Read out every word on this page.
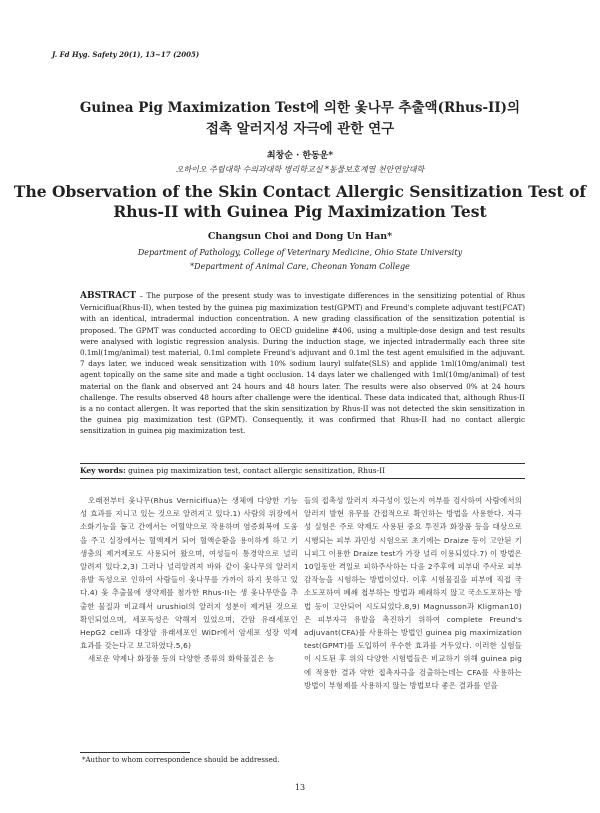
J. Fd Hyg. Safety 20(1), 13~17 (2005)
Guinea Pig Maximization Test에 의한 옻나무 추출액(Rhus-II)의
접촉 알러지성 자극에 관한 연구
최창순 · 한동운*
오하이오 주립대학 수의과대학 병리학교실 *동물보호계열 천안연암대학
The Observation of the Skin Contact Allergic Sensitization Test of
Rhus-II with Guinea Pig Maximization Test
Changsun Choi and Dong Un Han*
Department of Pathology, College of Veterinary Medicine, Ohio State University
*Department of Animal Care, Cheonan Yonam College
ABSTRACT – The purpose of the present study was to investigate differences in the sensitizing potential of Rhus Verniciflua(Rhus-II), when tested by the guinea pig maximization test(GPMT) and Freund's complete adjuvant test(FCAT) with an identical, intradermal induction concentration. A new grading classification of the sensitization potential is proposed. The GPMT was conducted according to OECD guideline #406, using a multiple-dose design and test results were analysed with logistic regression analysis. During the induction stage, we injected intradermally each three site 0.1ml(1mg/animal) test material, 0.1ml complete Freund's adjuvant and 0.1ml the test agent emulsified in the adjuvant. 7 days later, we induced weak sensitization with 10% sodium lauryl sulfate(SLS) and applide 1ml(10mg/animal) test agent topically on the same site and made a tight occlusion. 14 days later we challenged with 1ml(10mg/animal) of test material on the flank and observed ant 24 hours and 48 hours later. The results were also observed 0% at 24 hours challenge. The results observed 48 hours after challenge were the identical. These data indicated that, although Rhus-II is a no contact allergen. It was reported that the skin sensitization by Rhus-II was not detected the skin sensitization in the guinea pig maximization test (GPMT). Consequently, it was confirmed that Rhus-II had no contact allergic sensitization in guinea pig maximization test.
Key words: guinea pig maximization test, contact allergic sensitization, Rhus-II

오래전부터 옻나무(Rhus Verniciflua)는 생체에 다양한 기능성 효과를 지니고 있는 것으로 알려져고 있다.1) 사람의 위장에서 소화기능을 돕고 간에서는 어혈약으로 작용하며 염증회복에 도움을 주고 실장에서는 혈액제거 되어 혈액순환을 용이하게 하고 기생충의 제거제로도 사용되어 왔으며, 여성들이 통경약으로 널리 알려져 있다.2,3) 그러나 널리알려져 바와 같이 옻나무의 알러지 유발 독성으로 인하여 사람들이 옻나무를 가까이 하지 못하고 있다.4) 옻 추출물에 생약제를 첨가한 Rhus-II는 생 옻나무만을 추출한 물질과 비교해서 urushiol의 알러지 성분이 제거된 것으로 확인되었으며, 세포독성은 약해져 있었으며, 간암 유래세포인 HepG2 cell과 대장암 유래세포인 WiDr에서 암세포 성장 억제 효과를 갖는다고 보고하였다.5,6)

새로운 약제나 화장품 등의 다양한 종류의 화학물질은 농

들의 접촉성 알러지 자극성이 있는지 여부를 검사하여 사람에서의 알러지 발현 유무를 간접적으로 확인하는 방법을 사용한다. 자극성 실험은 주로 약제도 사용된 중요 투진과 화장품 등을 대상으로 시행되는 피부 과민성 시험으로 초기에는 Draize 등이 고안된 기니피그 이용한 Draize test가 가장 널리 이용되었다.7) 이 방법은 10일동안 격일로 피하주사하는 다음 2주후에 피부내 주사로 피부 감작능을 시험하는 방법이었다. 이후 시험물질을 피부에 직접 국소도포하여 폐쇄 첩부하는 방법과 폐쇄하지 않고 국소도포하는 방법 등이 고안되어 시도되었다.8,9) Magnusson과 Kligman10)은 피부자극 유발을 촉진하기 위하여 complete Freund's adjuvant(CFA)를 사용하는 방법인 guinea pig maximization test(GPMT)를 도입하여 우수한 효과를 거두었다. 이러한 실험들이 시도된 후 위의 다양한 시험법들은 비교하기 위해 guinea pig에 적용한 결과 약한 접촉자극을 검출하는데는 CFA를 사용하는 방법이 부형제를 사용하지 않는 방법보다 좋은 결과를 얻을

*Author to whom correspondence should be addressed.
13
